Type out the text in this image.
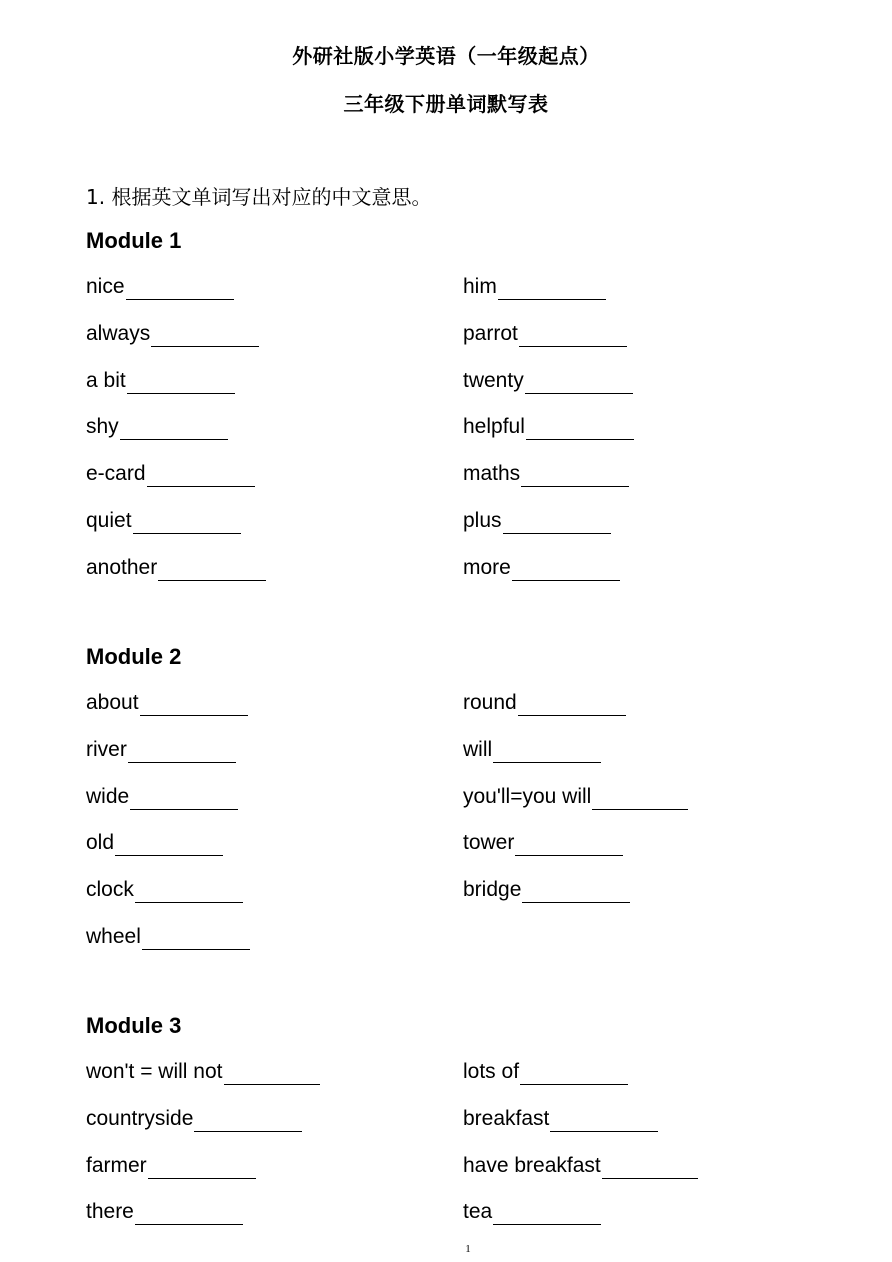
外研社版小学英语（一年级起点）
三年级下册单词默写表
1. 根据英文单词写出对应的中文意思。
Module 1
nice
always
a bit
shy
e-card
quiet
another
him
parrot
twenty
helpful
maths
plus
more
Module 2
about
river
wide
old
clock
wheel
round
will
you'll=you will
tower
bridge
Module 3
won't = will not
countryside
farmer
there
lots of
breakfast
have breakfast
tea
1
